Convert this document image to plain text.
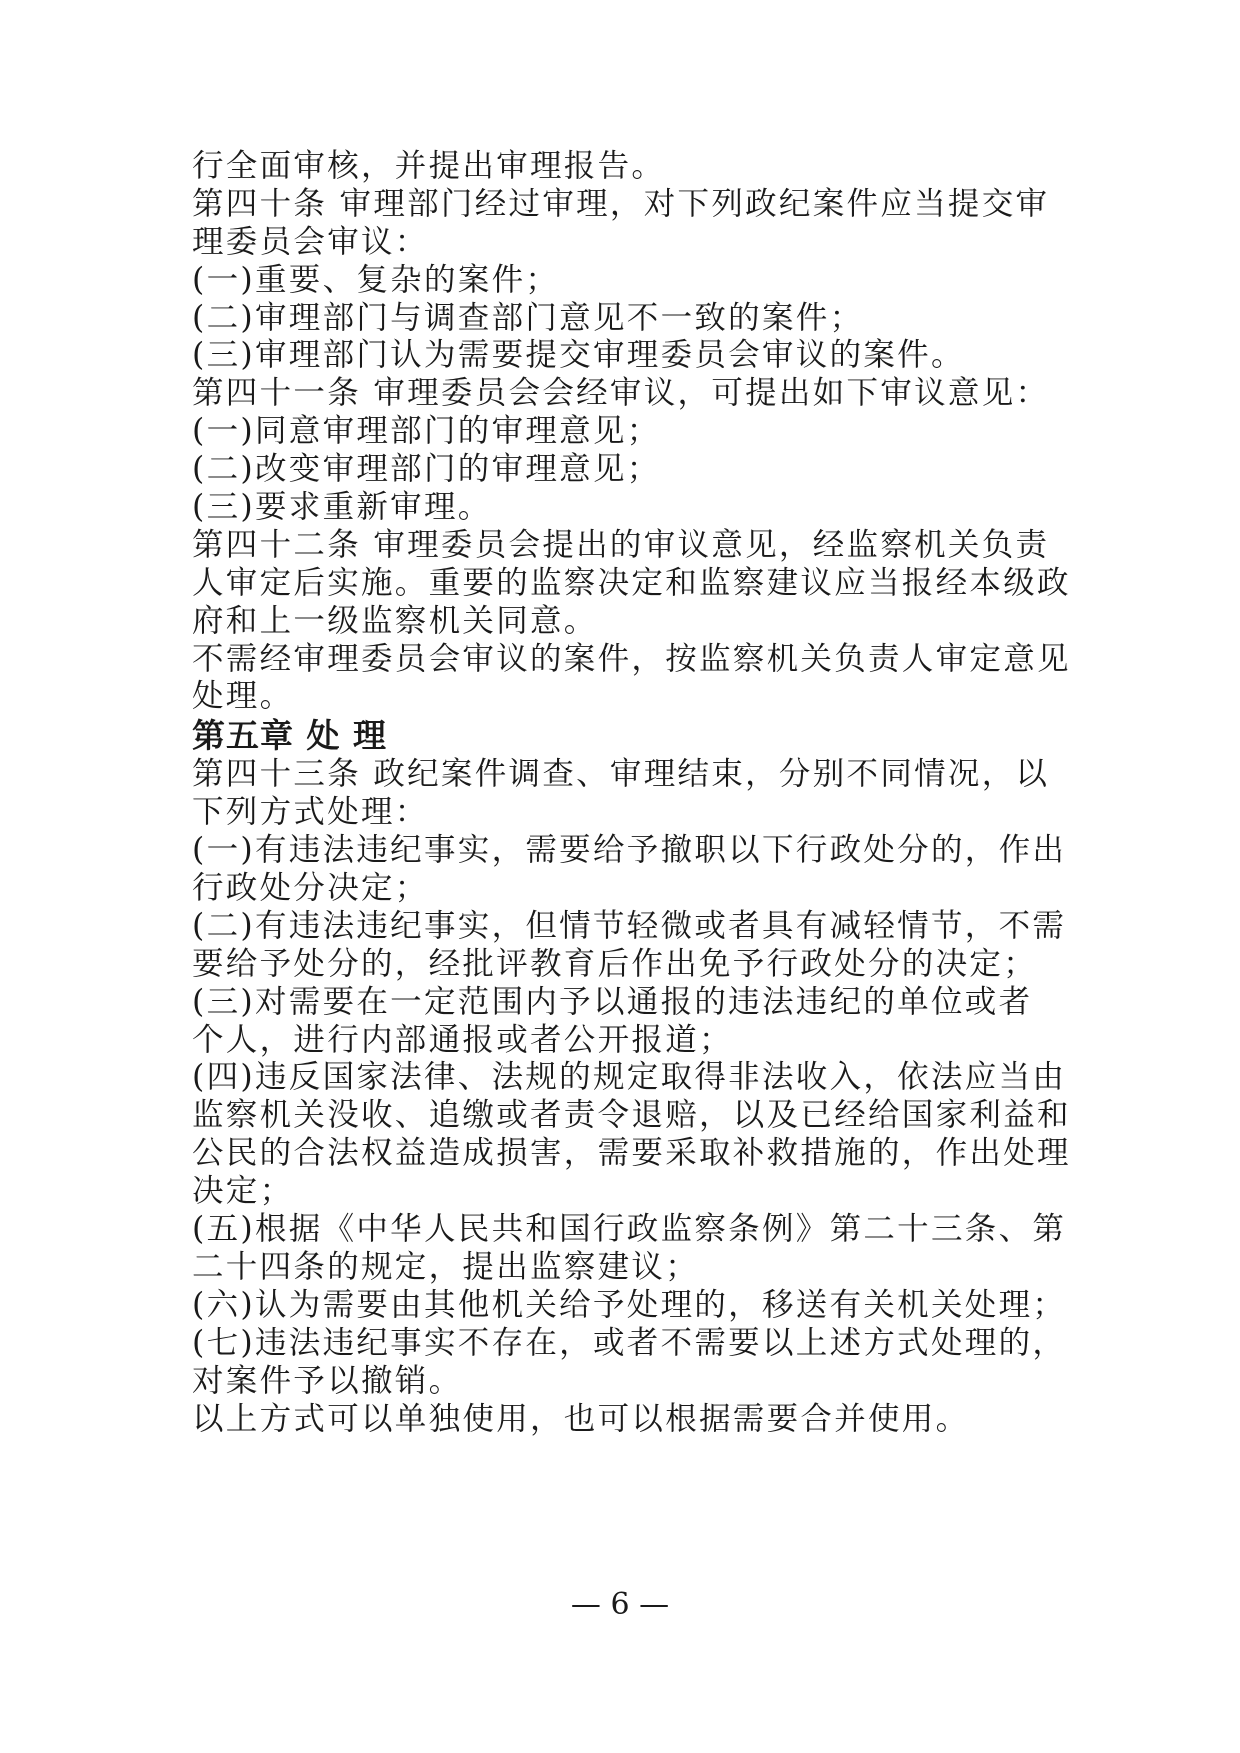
行全面审核，并提出审理报告。
第四十条 审理部门经过审理，对下列政纪案件应当提交审
理委员会审议：
(一)重要、复杂的案件；
(二)审理部门与调查部门意见不一致的案件；
(三)审理部门认为需要提交审理委员会审议的案件。
第四十一条 审理委员会会经审议，可提出如下审议意见：
(一)同意审理部门的审理意见；
(二)改变审理部门的审理意见；
(三)要求重新审理。
第四十二条 审理委员会提出的审议意见，经监察机关负责
人审定后实施。重要的监察决定和监察建议应当报经本级政
府和上一级监察机关同意。
不需经审理委员会审议的案件，按监察机关负责人审定意见
处理。
第五章 处 理
第四十三条 政纪案件调查、审理结束，分别不同情况，以
下列方式处理：
(一)有违法违纪事实，需要给予撤职以下行政处分的，作出
行政处分决定；
(二)有违法违纪事实，但情节轻微或者具有减轻情节，不需
要给予处分的，经批评教育后作出免予行政处分的决定；
(三)对需要在一定范围内予以通报的违法违纪的单位或者
个人，进行内部通报或者公开报道；
(四)违反国家法律、法规的规定取得非法收入，依法应当由
监察机关没收、追缴或者责令退赔，以及已经给国家利益和
公民的合法权益造成损害，需要采取补救措施的，作出处理
决定；
(五)根据《中华人民共和国行政监察条例》第二十三条、第
二十四条的规定，提出监察建议；
(六)认为需要由其他机关给予处理的，移送有关机关处理；
(七)违法违纪事实不存在，或者不需要以上述方式处理的，
对案件予以撤销。
以上方式可以单独使用，也可以根据需要合并使用。
— 6 —
